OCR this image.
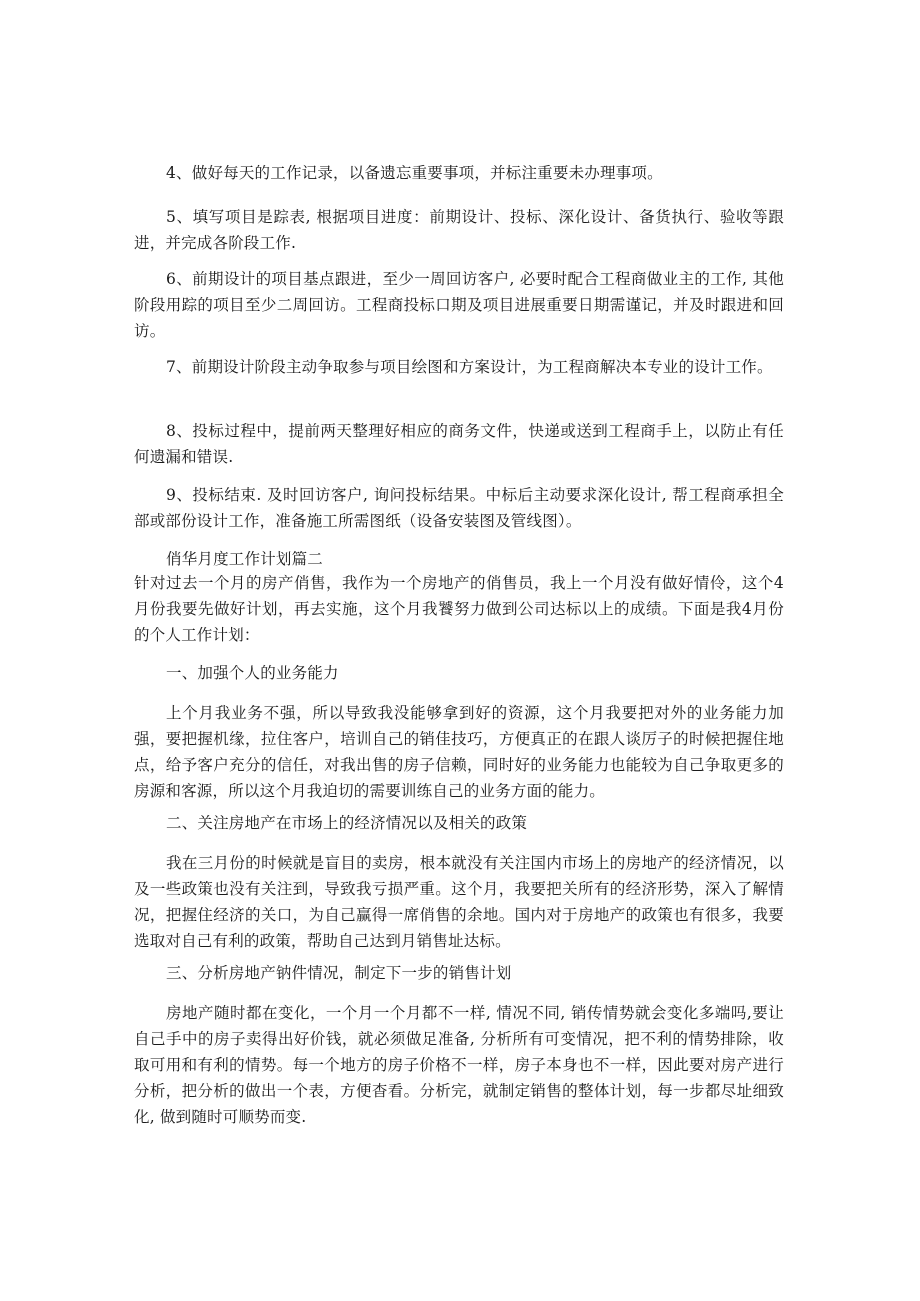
4、做好每天的工作记录，以备遗忘重要事项，并标注重要未办理事项。

5、填写项目是踪表, 根据项目进度：前期设计、投标、深化设计、备货执行、验收等跟进，并完成各阶段工作.

6、前期设计的项目基点跟进，至少一周回访客户, 必要时配合工程商做业主的工作, 其他阶段用踪的项目至少二周回访。工程商投标口期及项目进展重要日期需谨记，并及时跟进和回访。

7、前期设计阶段主动争取参与项目绘图和方案设计，为工程商解决本专业的设计工作。

8、投标过程中，提前两天整理好相应的商务文件，快递或送到工程商手上，以防止有任何遗漏和错误.

9、投标结束. 及时回访客户, 询问投标结果。中标后主动要求深化设计, 帮工程商承担全部或部份设计工作，准备施工所需图纸（设备安装图及管线图）。

俏华月度工作计划篇二

针对过去一个月的房产俏售，我作为一个房地产的俏售员，我上一个月没有做好情伶，这个4月份我要先做好计划，再去实施，这个月我饕努力做到公司达标以上的成绩。下面是我4月份的个人工作计划：

一、加强个人的业务能力

上个月我业务不强，所以导致我没能够拿到好的资源，这个月我要把对外的业务能力加强，要把握机缘，拉住客户，培训自己的销佳技巧，方便真正的在跟人谈厉子的时候把握住地点，给予客户充分的信任，对我出售的房子信赖，同时好的业务能力也能较为自己争取更多的房源和客源，所以这个月我迫切的需要训练自己的业务方面的能力。

二、关注房地产在市场上的经济情况以及相关的政策

我在三月份的时候就是盲目的卖房，根本就没有关注国内市场上的房地产的经济情况，以及一些政策也没有关注到，导致我亏损严重。这个月，我要把关所有的经济形势，深入了解情况，把握住经济的关口，为自己赢得一席俏售的余地。国内对于房地产的政策也有很多，我要选取对自己有利的政策，帮助自己达到月销售址达标。

三、分析房地产钠件情况，制定下一步的销售计划

房地产随时都在变化，一个月一个月都不一样, 情况不同, 销传情势就会变化多端吗,要让自己手中的房子卖得出好价钱，就必须做足准备, 分析所有可变情况，把不利的情势排除，收取可用和有利的情势。每一个地方的房子价格不一样，房子本身也不一样，因此要对房产进行分析，把分析的做出一个表，方便杳看。分析完，就制定销售的整体计划，每一步都尽址细致化, 做到随时可顺势而变.
